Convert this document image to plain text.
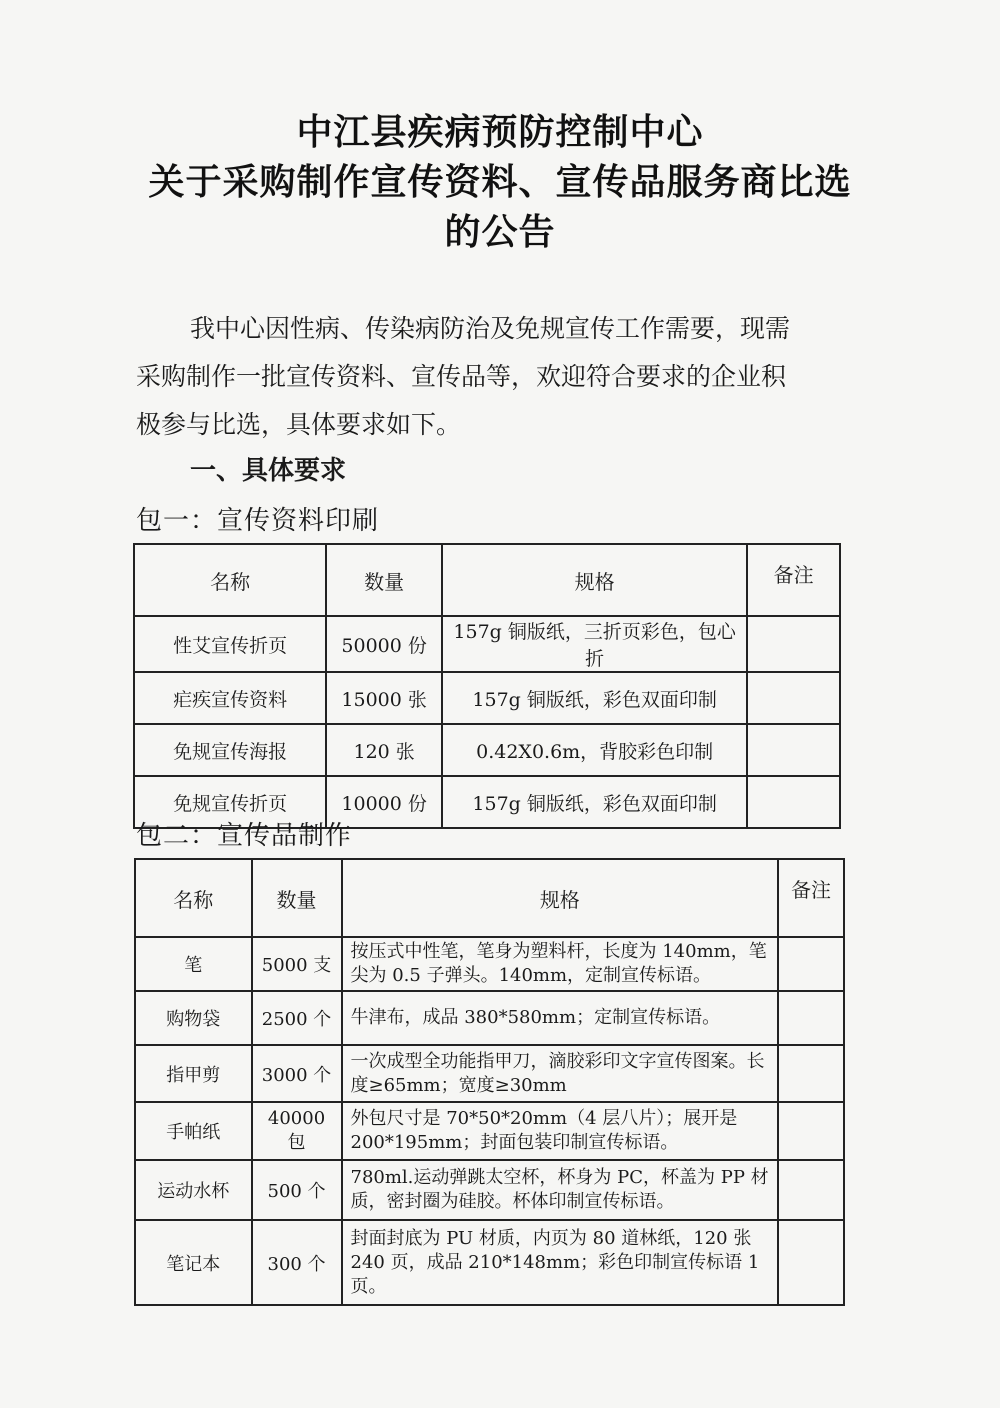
中江县疾病预防控制中心
关于采购制作宣传资料、宣传品服务商比选
的公告
我中心因性病、传染病防治及免规宣传工作需要，现需
采购制作一批宣传资料、宣传品等，欢迎符合要求的企业积
极参与比选，具体要求如下。
一、具体要求
包一：宣传资料印刷
名称	数量	规格	备注
性艾宣传折页	50000 份	157g 铜版纸，三折页彩色，包心折	
疟疾宣传资料	15000 张	157g 铜版纸，彩色双面印制	
免规宣传海报	120 张	0.42X0.6m，背胶彩色印制	
免规宣传折页	10000 份	157g 铜版纸，彩色双面印制	
包二：宣传品制作
名称	数量	规格	备注
笔	5000 支	按压式中性笔，笔身为塑料杆，长度为 140mm，笔尖为 0.5 子弹头。140mm，定制宣传标语。	
购物袋	2500 个	牛津布，成品 380*580mm；定制宣传标语。	
指甲剪	3000 个	一次成型全功能指甲刀，滴胶彩印文字宣传图案。长度≥65mm；宽度≥30mm	
手帕纸	40000 包	外包尺寸是 70*50*20mm（4 层八片）；展开是 200*195mm；封面包装印制宣传标语。	
运动水杯	500 个	780ml.运动弹跳太空杯，杯身为 PC，杯盖为 PP 材质，密封圈为硅胶。杯体印制宣传标语。	
笔记本	300 个	封面封底为 PU 材质，内页为 80 道林纸，120 张 240 页，成品 210*148mm；彩色印制宣传标语 1 页。	
